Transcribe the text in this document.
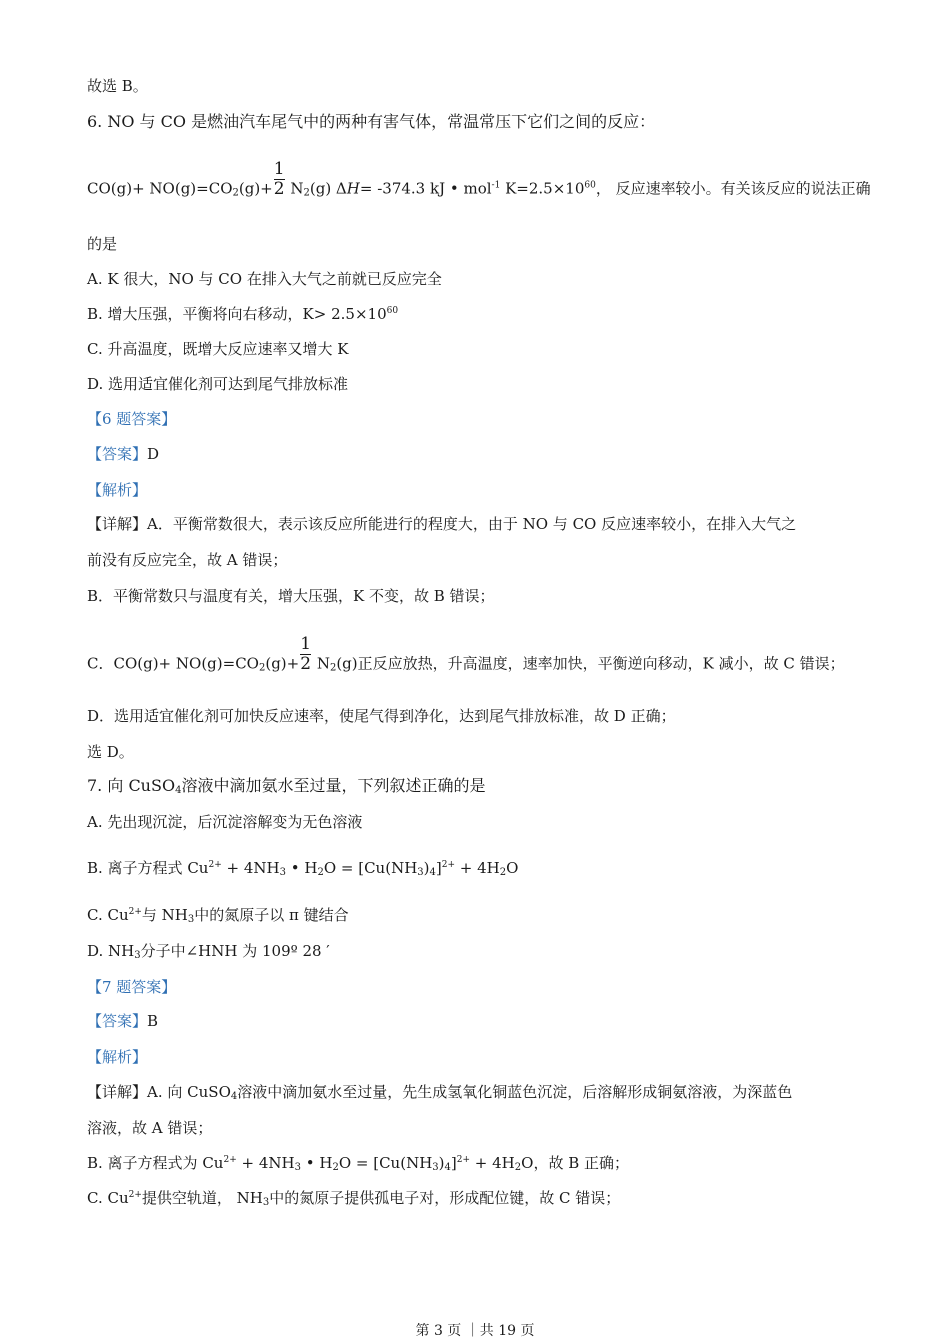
故选 B。
6. NO 与 CO 是燃油汽车尾气中的两种有害气体，常温常压下它们之间的反应：
$CO(g)+ NO(g)=CO_2(g)+ \frac{1}{2} N_2(g)$ ΔH= -374.3 kJ • mol$^{-1}$ $K=2.5\times 10^{60}$， 反应速率较小。有关该反应的说法正确
的是
A. K 很大，NO 与 CO 在排入大气之前就已反应完全
B. 增大压强，平衡将向右移动，$K> 2.5\times 10^{60}$
C. 升高温度，既增大反应速率又增大 K
D. 选用适宜催化剂可达到尾气排放标准
【6 题答案】
【答案】D
【解析】
【详解】A．平衡常数很大，表示该反应所能进行的程度大，由于 NO 与 CO 反应速率较小，在排入大气之
前没有反应完全，故 A 错误；
B．平衡常数只与温度有关，增大压强，K 不变，故 B 错误；
C．$CO(g)+ NO(g)=CO_2(g)+ \frac{1}{2} N_2(g)$正反应放热，升高温度，速率加快，平衡逆向移动，K 减小，故 C 错误；
D．选用适宜催化剂可加快反应速率，使尾气得到净化，达到尾气排放标准，故 D 正确；
选 D。
7. 向 CuSO$_4$溶液中滴加氨水至过量，下列叙述正确的是
A. 先出现沉淀，后沉淀溶解变为无色溶液
B. 离子方程式 $Cu^{2+} + 4NH_3$ • $H_2O = [Cu(NH_3)_4]^{2+} + 4H_2O$
C. $Cu^{2+}$与 $NH_3$中的氮原子以 π 键结合
D. $NH_3$分子中∠HNH 为 109º 28 ′
【7 题答案】
【答案】B
【解析】
【详解】A. 向 CuSO$_4$溶液中滴加氨水至过量，先生成氢氧化铜蓝色沉淀，后溶解形成铜氨溶液，为深蓝色
溶液，故 A 错误；
B. 离子方程式为 $Cu^{2+} + 4NH_3$ • $H_2O = [Cu(NH_3)_4]^{2+} + 4H_2O$，故 B 正确；
C. $Cu^{2+}$提供空轨道， $NH_3$中的氮原子提供孤电子对，形成配位键，故 C 错误；
第 3 页 ｜共 19 页
